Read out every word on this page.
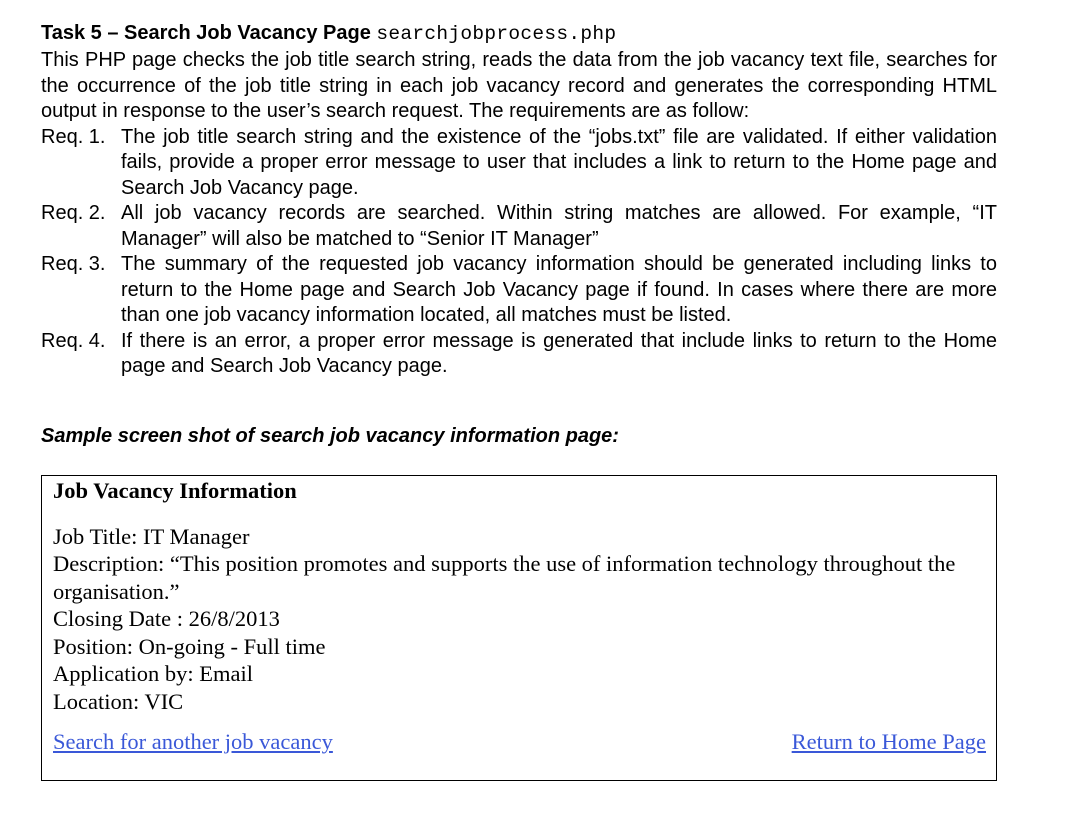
Task 5 – Search Job Vacancy Page searchjobprocess.php

This PHP page checks the job title search string, reads the data from the job vacancy text file, searches for the occurrence of the job title string in each job vacancy record and generates the corresponding HTML output in response to the user’s search request. The requirements are as follow:

Req. 1. The job title search string and the existence of the “jobs.txt” file are validated. If either validation fails, provide a proper error message to user that includes a link to return to the Home page and Search Job Vacancy page.
Req. 2. All job vacancy records are searched. Within string matches are allowed. For example, “IT Manager” will also be matched to “Senior IT Manager”
Req. 3. The summary of the requested job vacancy information should be generated including links to return to the Home page and Search Job Vacancy page if found. In cases where there are more than one job vacancy information located, all matches must be listed.
Req. 4. If there is an error, a proper error message is generated that include links to return to the Home page and Search Job Vacancy page.

Sample screen shot of search job vacancy information page:

Job Vacancy Information

Job Title: IT Manager

Description: “This position promotes and supports the use of information technology throughout the organisation.”

Closing Date : 26/8/2013

Position: On-going - Full time

Application by: Email

Location: VIC

Search for another job vacancy	Return to Home Page
